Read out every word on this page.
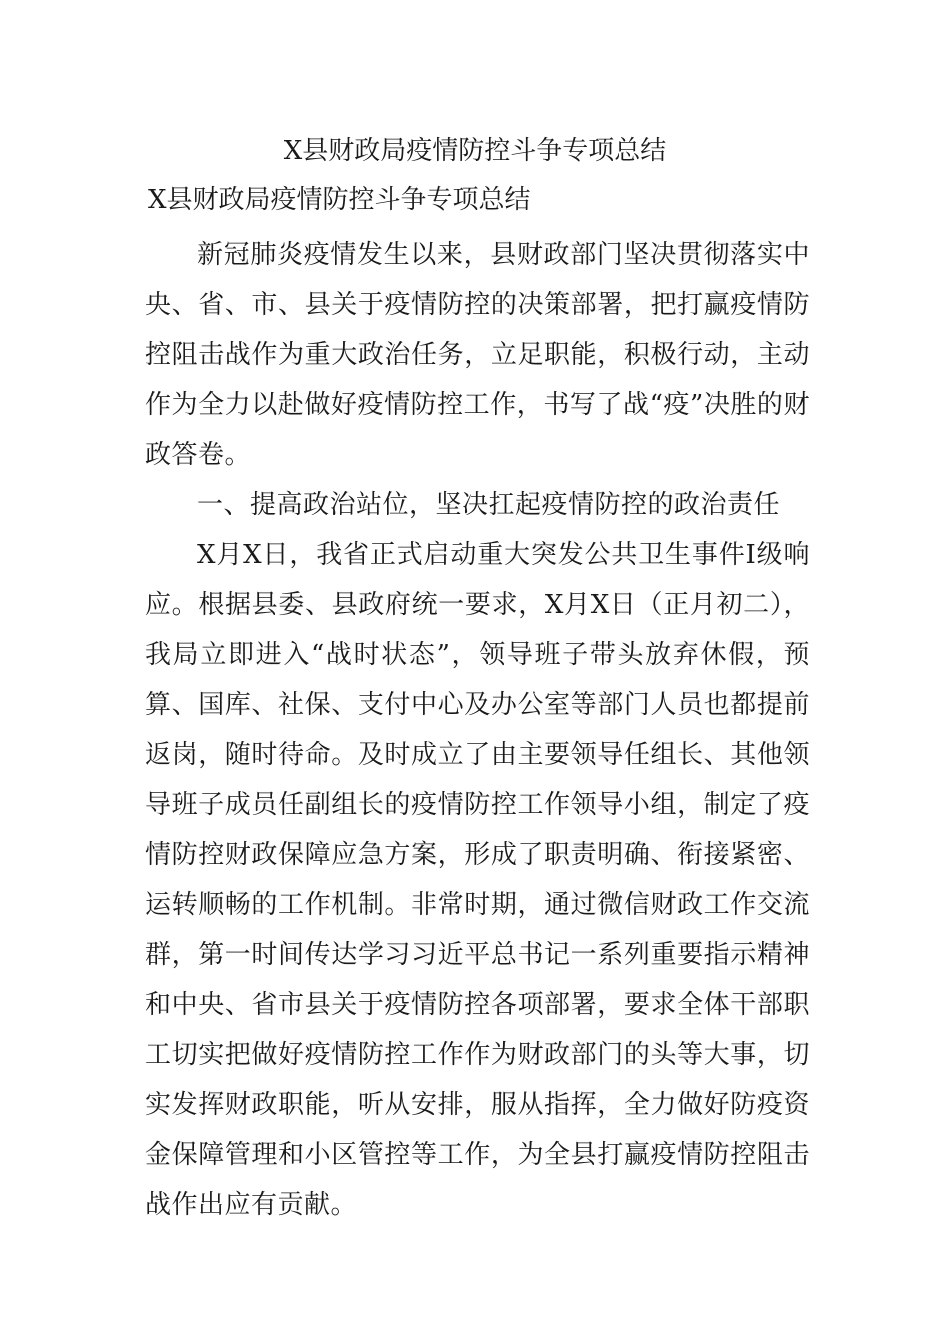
X县财政局疫情防控斗争专项总结
X县财政局疫情防控斗争专项总结

新冠肺炎疫情发生以来，县财政部门坚决贯彻落实中央、省、市、县关于疫情防控的决策部署，把打赢疫情防控阻击战作为重大政治任务，立足职能，积极行动，主动作为全力以赴做好疫情防控工作，书写了战“疫”决胜的财政答卷。

一、提高政治站位，坚决扛起疫情防控的政治责任

X月X日，我省正式启动重大突发公共卫生事件Ⅰ级响应。根据县委、县政府统一要求，X月X日（正月初二），我局立即进入“战时状态”，领导班子带头放弃休假，预算、国库、社保、支付中心及办公室等部门人员也都提前返岗，随时待命。及时成立了由主要领导任组长、其他领导班子成员任副组长的疫情防控工作领导小组，制定了疫情防控财政保障应急方案，形成了职责明确、衔接紧密、运转顺畅的工作机制。非常时期，通过微信财政工作交流群，第一时间传达学习习近平总书记一系列重要指示精神和中央、省市县关于疫情防控各项部署，要求全体干部职工切实把做好疫情防控工作作为财政部门的头等大事，切实发挥财政职能，听从安排，服从指挥，全力做好防疫资金保障管理和小区管控等工作，为全县打赢疫情防控阻击战作出应有贡献。
